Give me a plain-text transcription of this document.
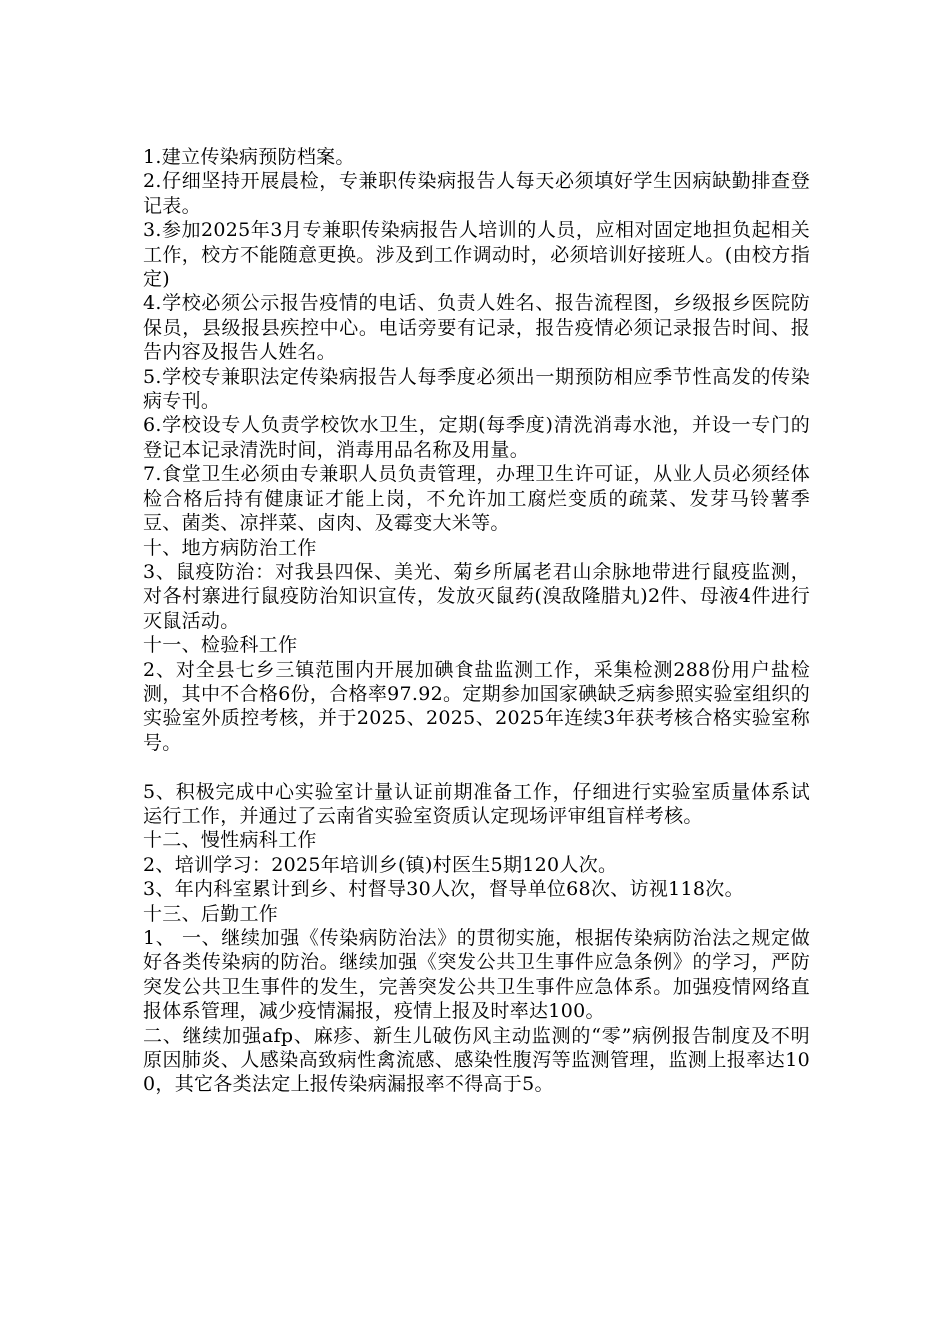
1.建立传染病预防档案。

2.仔细坚持开展晨检，专兼职传染病报告人每天必须填好学生因病缺勤排查登记表。

3.参加2025年3月专兼职传染病报告人培训的人员，应相对固定地担负起相关工作，校方不能随意更换。涉及到工作调动时，必须培训好接班人。(由校方指定)

4.学校必须公示报告疫情的电话、负责人姓名、报告流程图，乡级报乡医院防保员，县级报县疾控中心。电话旁要有记录，报告疫情必须记录报告时间、报告内容及报告人姓名。

5.学校专兼职法定传染病报告人每季度必须出一期预防相应季节性高发的传染病专刊。

6.学校设专人负责学校饮水卫生，定期(每季度)清洗消毒水池，并设一专门的登记本记录清洗时间，消毒用品名称及用量。

7.食堂卫生必须由专兼职人员负责管理，办理卫生许可证，从业人员必须经体检合格后持有健康证才能上岗，不允许加工腐烂变质的疏菜、发芽马铃薯季豆、菌类、凉拌菜、卤肉、及霉变大米等。

十、地方病防治工作

3、鼠疫防治：对我县四保、美光、菊乡所属老君山余脉地带进行鼠疫监测，对各村寨进行鼠疫防治知识宣传，发放灭鼠药(溴敌隆腊丸)2件、母液4件进行灭鼠活动。

十一、检验科工作

2、对全县七乡三镇范围内开展加碘食盐监测工作，采集检测288份用户盐检测，其中不合格6份，合格率97.92。定期参加国家碘缺乏病参照实验室组织的实验室外质控考核，并于2025、2025、2025年连续3年获考核合格实验室称号。

5、积极完成中心实验室计量认证前期准备工作，仔细进行实验室质量体系试运行工作，并通过了云南省实验室资质认定现场评审组盲样考核。

十二、慢性病科工作

2、培训学习：2025年培训乡(镇)村医生5期120人次。

3、年内科室累计到乡、村督导30人次，督导单位68次、访视118次。

十三、后勤工作

1、 一、继续加强《传染病防治法》的贯彻实施，根据传染病防治法之规定做好各类传染病的防治。继续加强《突发公共卫生事件应急条例》的学习，严防突发公共卫生事件的发生，完善突发公共卫生事件应急体系。加强疫情网络直报体系管理，减少疫情漏报，疫情上报及时率达100。

二、继续加强afp、麻疹、新生儿破伤风主动监测的“零”病例报告制度及不明原因肺炎、人感染高致病性禽流感、感染性腹泻等监测管理，监测上报率达100，其它各类法定上报传染病漏报率不得高于5。
